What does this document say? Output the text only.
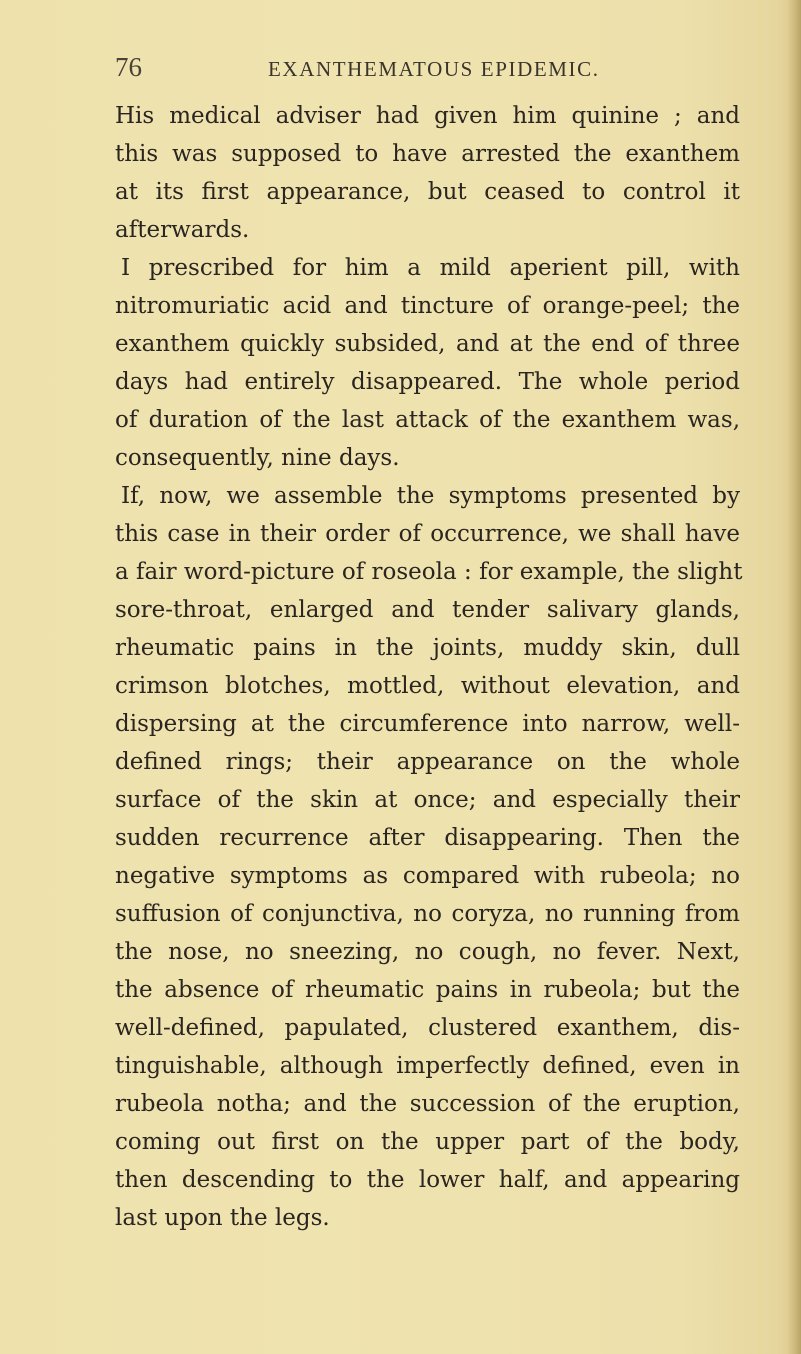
76	EXANTHEMATOUS EPIDEMIC.
His medical adviser had given him quinine ; and
this was supposed to have arrested the exanthem
at its first appearance, but ceased to control it
afterwards.
I prescribed for him a mild aperient pill, with
nitromuriatic acid and tincture of orange-peel; the
exanthem quickly subsided, and at the end of three
days had entirely disappeared. The whole period
of duration of the last attack of the exanthem was,
consequently, nine days.
If, now, we assemble the symptoms presented by
this case in their order of occurrence, we shall have
a fair word-picture of roseola : for example, the slight
sore-throat, enlarged and tender salivary glands,
rheumatic pains in the joints, muddy skin, dull
crimson blotches, mottled, without elevation, and
dispersing at the circumference into narrow, well-
defined rings; their appearance on the whole
surface of the skin at once; and especially their
sudden recurrence after disappearing. Then the
negative symptoms as compared with rubeola; no
suffusion of conjunctiva, no coryza, no running from
the nose, no sneezing, no cough, no fever. Next,
the absence of rheumatic pains in rubeola; but the
well-defined, papulated, clustered exanthem, dis-
tinguishable, although imperfectly defined, even in
rubeola notha; and the succession of the eruption,
coming out first on the upper part of the body,
then descending to the lower half, and appearing
last upon the legs.
